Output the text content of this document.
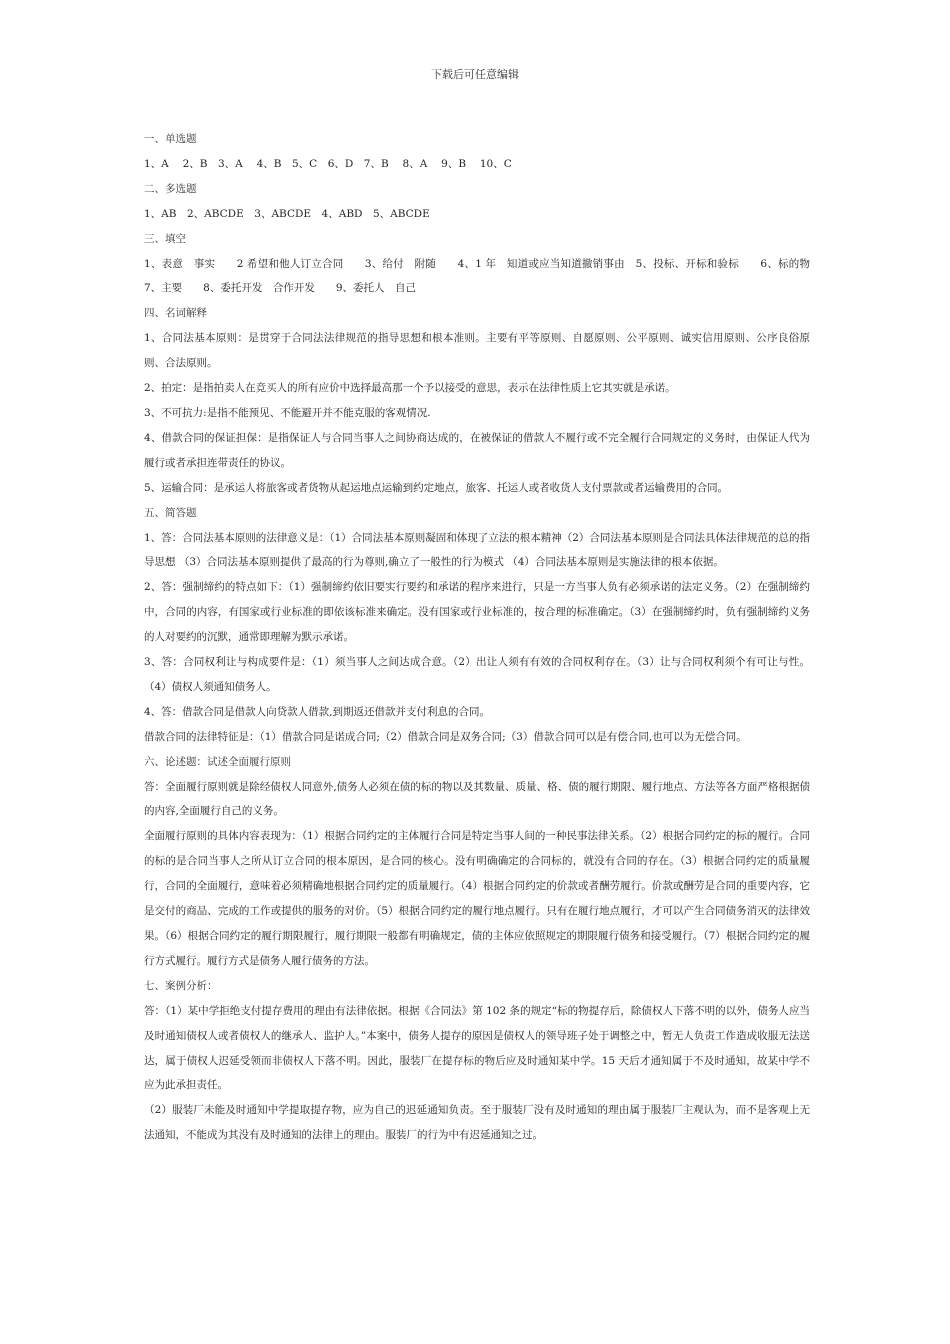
下载后可任意编辑

一、单选题

1、A　 2、B　3、A　 4、B　5、C　6、D　7、B　 8、A　 9、B　 10、C

二、多选题

1、AB　2、ABCDE　3、ABCDE　4、ABD　5、ABCDE

三、填空

1、表意　事实　　2 希望和他人订立合同　　3、给付　附随　　4、1 年　知道或应当知道撤销事由　5、投标、开标和验标　　6、标的物　　7、主要　　8、委托开发　合作开发　　9、委托人　自己

四、名词解释

1、合同法基本原则：是贯穿于合同法法律规范的指导思想和根本准则。主要有平等原则、自愿原则、公平原则、诚实信用原则、公序良俗原则、合法原则。

2、拍定：是指拍卖人在竞买人的所有应价中选择最高那一个予以接受的意思，表示在法律性质上它其实就是承诺。

3、不可抗力:是指不能预见、不能避开并不能克服的客观情况.

4、借款合同的保证担保：是指保证人与合同当事人之间协商达成的，在被保证的借款人不履行或不完全履行合同规定的义务时，由保证人代为履行或者承担连带责任的协议。

5、运输合同：是承运人将旅客或者货物从起运地点运输到约定地点，旅客、托运人或者收货人支付票款或者运输费用的合同。

五、简答题

1、答：合同法基本原则的法律意义是：（1）合同法基本原则凝固和体现了立法的根本精神（2）合同法基本原则是合同法具体法律规范的总的指导思想 （3）合同法基本原则提供了最高的行为尊则,确立了一般性的行为模式 （4）合同法基本原则是实施法律的根本依据。

2、答：强制缔约的特点如下：（1）强制缔约依旧要实行要约和承诺的程序来进行，只是一方当事人负有必须承诺的法定义务。（2）在强制缔约中，合同的内容，有国家或行业标准的即依该标准来确定。没有国家或行业标准的，按合理的标准确定。（3）在强制缔约时，负有强制缔约义务的人对要约的沉默，通常即理解为默示承诺。

3、答：合同权利让与构成要件是：（1）须当事人之间达成合意。（2）出让人须有有效的合同权利存在。（3）让与合同权利须个有可让与性。（4）债权人须通知债务人。

4、答：借款合同是借款人向贷款人借款,到期返还借款并支付利息的合同。

借款合同的法律特征是：（1）借款合同是诺成合同;（2）借款合同是双务合同;（3）借款合同可以是有偿合同,也可以为无偿合同。

六、论述题：试述全面履行原则

答：全面履行原则就是除经债权人同意外,债务人必须在债的标的物以及其数量、质量、格、债的履行期限、履行地点、方法等各方面严格根据债的内容,全面履行自己的义务。

全面履行原则的具体内容表现为：（1）根据合同约定的主体履行合同是特定当事人间的一种民事法律关系。（2）根据合同约定的标的履行。合同的标的是合同当事人之所从订立合同的根本原因，是合同的核心。没有明确确定的合同标的，就没有合同的存在。（3）根据合同约定的质量履行，合同的全面履行，意味着必须精确地根据合同约定的质量履行。（4）根据合同约定的价款或者酬劳履行。价款或酬劳是合同的重要内容，它是交付的商品、完成的工作或提供的服务的对价。（5）根据合同约定的履行地点履行。只有在履行地点履行，才可以产生合同债务消灭的法律效果。（6）根据合同约定的履行期限履行，履行期限一般都有明确规定，债的主体应依照规定的期限履行债务和接受履行。（7）根据合同约定的履行方式履行。履行方式是债务人履行债务的方法。

七、案例分析：

答：（1）某中学拒绝支付提存费用的理由有法律依据。根据《合同法》第 102 条的规定“标的物提存后，除债权人下落不明的以外，债务人应当及时通知债权人或者债权人的继承人、监护人。”本案中，债务人提存的原因是债权人的领导班子处于调整之中，暂无人负责工作造成收服无法送达，属于债权人迟延受领而非债权人下落不明。因此，服装厂在提存标的物后应及时通知某中学。15 天后才通知属于不及时通知，故某中学不应为此承担责任。

（2）服装厂未能及时通知中学提取提存物，应为自己的迟延通知负责。至于服装厂没有及时通知的理由属于服装厂主观认为，而不是客观上无法通知，不能成为其没有及时通知的法律上的理由。服装厂的行为中有迟延通知之过。
